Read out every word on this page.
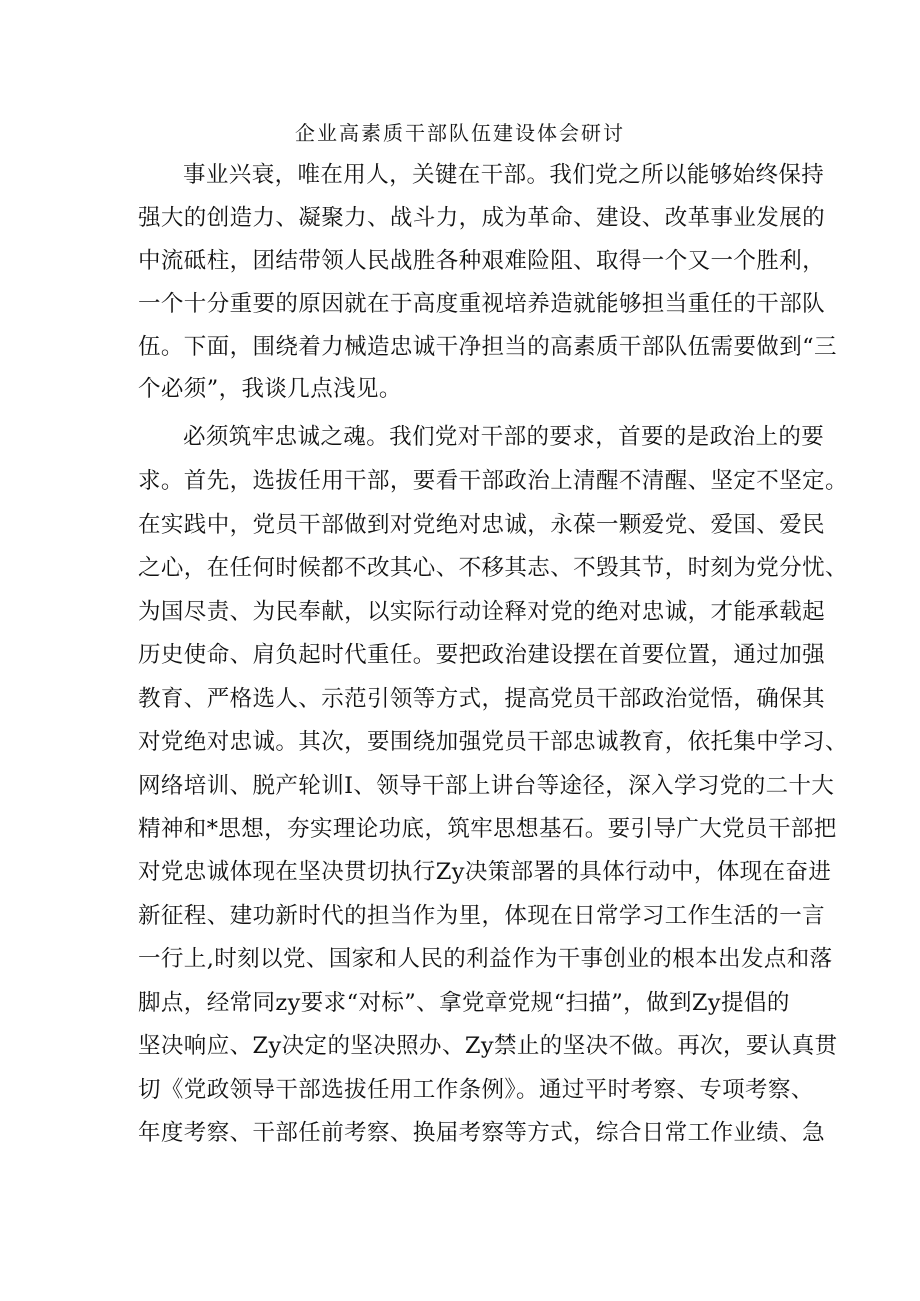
企业高素质干部队伍建设体会研讨
事业兴衰，唯在用人，关键在干部。我们党之所以能够始终保持
强大的创造力、凝聚力、战斗力，成为革命、建设、改革事业发展的
中流砥柱，团结带领人民战胜各种艰难险阻、取得一个又一个胜利，
一个十分重要的原因就在于高度重视培养造就能够担当重任的干部队
伍。下面，围绕着力械造忠诚干净担当的高素质干部队伍需要做到“三
个必须”，我谈几点浅见。
必须筑牢忠诚之魂。我们党对干部的要求，首要的是政治上的要
求。首先，选拔任用干部，要看干部政治上清醒不清醒、坚定不坚定。
在实践中，党员干部做到对党绝对忠诚，永葆一颗爱党、爱国、爱民
之心，在任何时候都不改其心、不移其志、不毁其节，时刻为党分忧、
为国尽责、为民奉献，以实际行动诠释对党的绝对忠诚，才能承载起
历史使命、肩负起时代重任。要把政治建设摆在首要位置，通过加强
教育、严格选人、示范引领等方式，提高党员干部政治觉悟，确保其
对党绝对忠诚。其次，要围绕加强党员干部忠诚教育，依托集中学习、
网络培训、脱产轮训I、领导干部上讲台等途径，深入学习党的二十大
精神和*思想，夯实理论功底，筑牢思想基石。要引导广大党员干部把
对党忠诚体现在坚决贯切执行Zy决策部署的具体行动中，体现在奋进
新征程、建功新时代的担当作为里，体现在日常学习工作生活的一言
一行上,时刻以党、国家和人民的利益作为干事创业的根本出发点和落
脚点，经常同zy要求“对标”、拿党章党规“扫描”，做到Zy提倡的
坚决响应、Zy决定的坚决照办、Zy禁止的坚决不做。再次，要认真贯
切《党政领导干部选拔任用工作条例》。通过平时考察、专项考察、
年度考察、干部任前考察、换届考察等方式，综合日常工作业绩、急
